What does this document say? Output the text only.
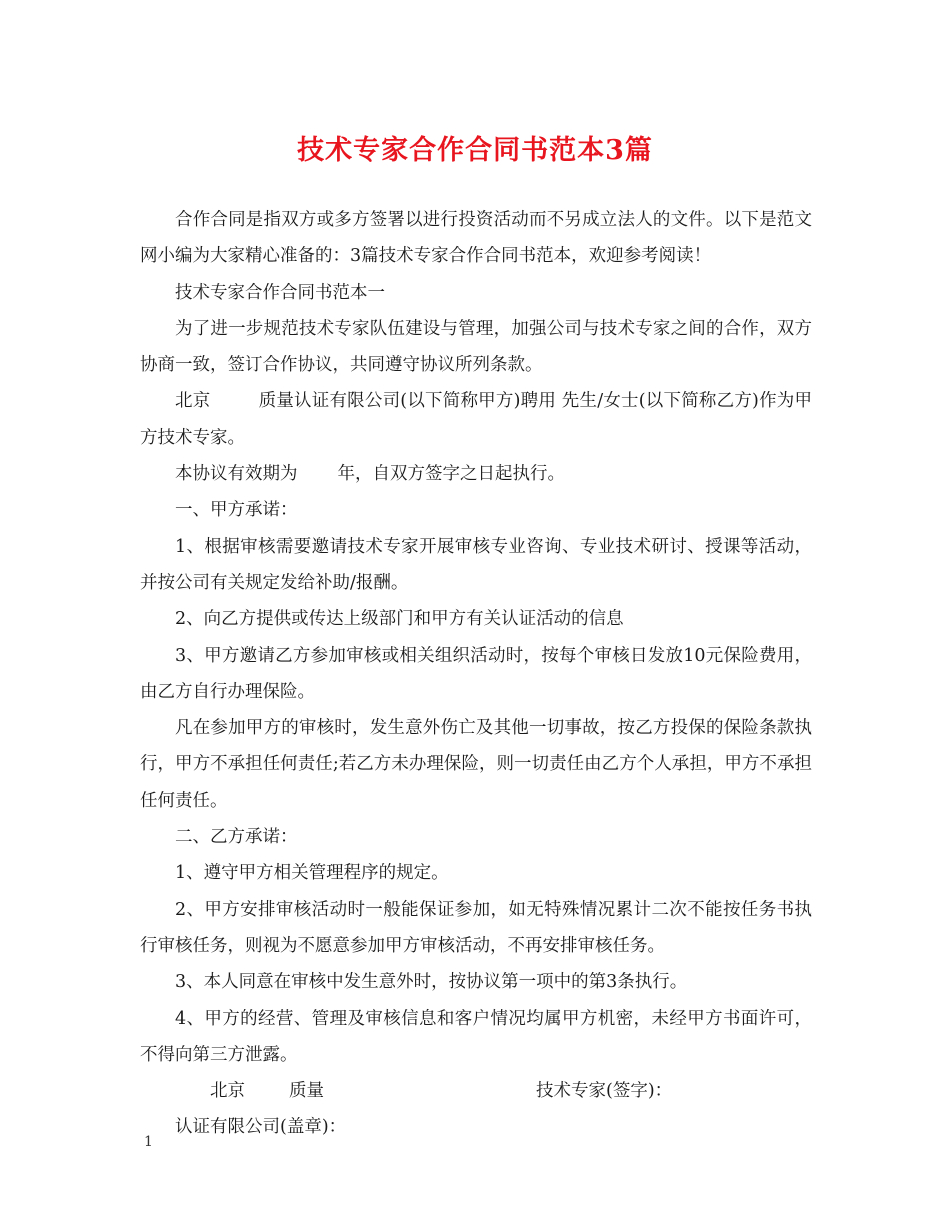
技术专家合作合同书范本3篇

合作合同是指双方或多方签署以进行投资活动而不另成立法人的文件。以下是范文网小编为大家精心准备的：3篇技术专家合作合同书范本，欢迎参考阅读！

技术专家合作合同书范本一

为了进一步规范技术专家队伍建设与管理，加强公司与技术专家之间的合作，双方协商一致，签订合作协议，共同遵守协议所列条款。

北京	质量认证有限公司(以下简称甲方)聘用 先生/女士(以下简称乙方)作为甲方技术专家。

本协议有效期为 年，自双方签字之日起执行。

一、甲方承诺：

1、根据审核需要邀请技术专家开展审核专业咨询、专业技术研讨、授课等活动，并按公司有关规定发给补助/报酬。

2、向乙方提供或传达上级部门和甲方有关认证活动的信息

3、甲方邀请乙方参加审核或相关组织活动时，按每个审核日发放10元保险费用，由乙方自行办理保险。

凡在参加甲方的审核时，发生意外伤亡及其他一切事故，按乙方投保的保险条款执行，甲方不承担任何责任;若乙方未办理保险，则一切责任由乙方个人承担，甲方不承担任何责任。

二、乙方承诺：

1、遵守甲方相关管理程序的规定。

2、甲方安排审核活动时一般能保证参加，如无特殊情况累计二次不能按任务书执行审核任务，则视为不愿意参加甲方审核活动，不再安排审核任务。

3、本人同意在审核中发生意外时，按协议第一项中的第3条执行。

4、甲方的经营、管理及审核信息和客户情况均属甲方机密，未经甲方书面许可，不得向第三方泄露。

北京	质量	技术专家(签字)：

认证有限公司(盖章)：

1
